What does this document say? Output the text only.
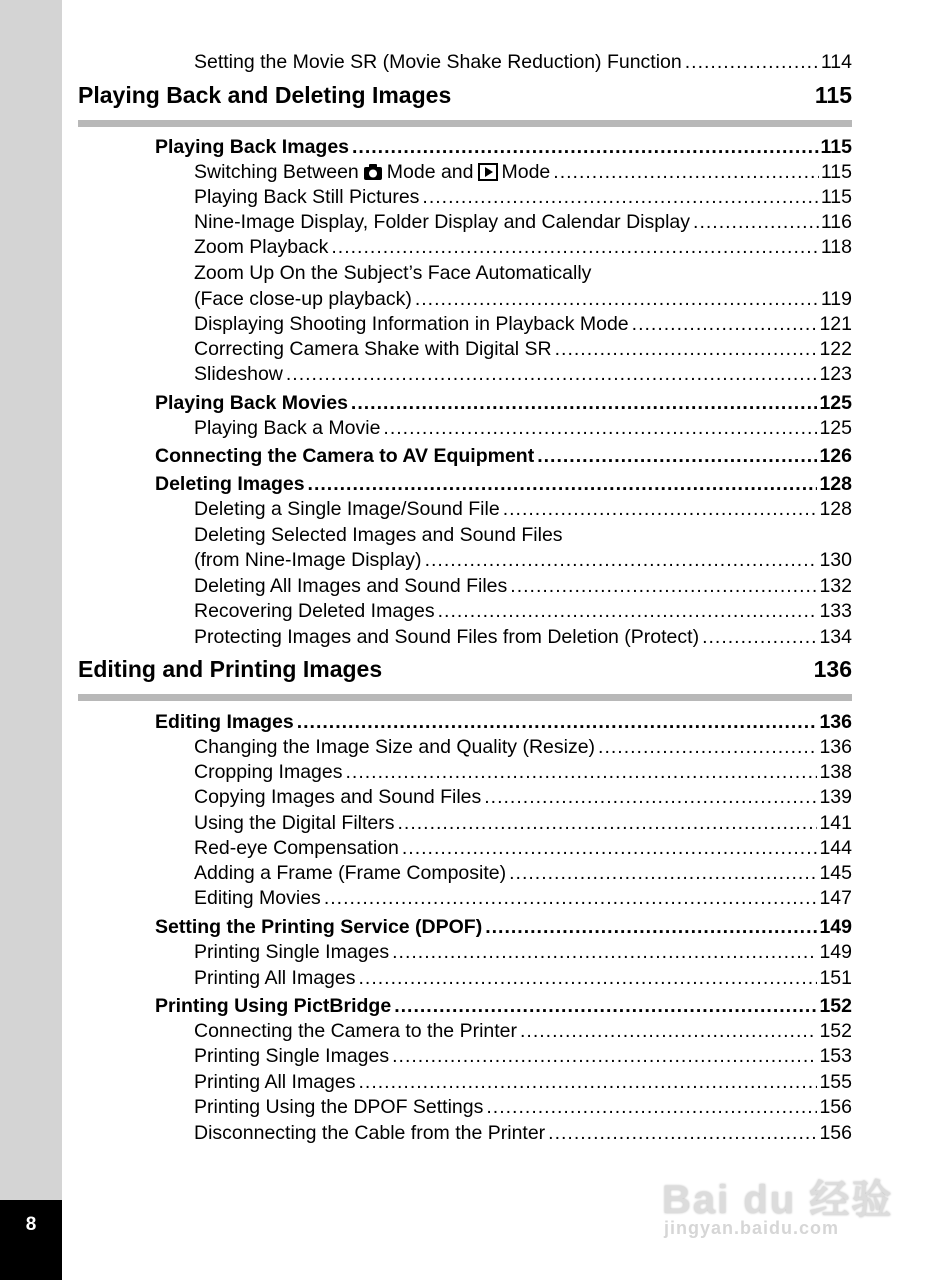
8
Setting the Movie SR (Movie Shake Reduction) Function .....	114
Playing Back and Deleting Images	115
Playing Back Images .....	115
Switching Between Mode and Mode .....	115
Playing Back Still Pictures .....	115
Nine-Image Display, Folder Display and Calendar Display .....	116
Zoom Playback .....	118
Zoom Up On the Subject’s Face Automatically
(Face close-up playback) .....	119
Displaying Shooting Information in Playback Mode .....	121
Correcting Camera Shake with Digital SR .....	122
Slideshow .....	123
Playing Back Movies .....	125
Playing Back a Movie .....	125
Connecting the Camera to AV Equipment .....	126
Deleting Images .....	128
Deleting a Single Image/Sound File .....	128
Deleting Selected Images and Sound Files
(from Nine-Image Display) .....	130
Deleting All Images and Sound Files .....	132
Recovering Deleted Images .....	133
Protecting Images and Sound Files from Deletion (Protect) .....	134
Editing and Printing Images	136
Editing Images .....	136
Changing the Image Size and Quality (Resize) .....	136
Cropping Images .....	138
Copying Images and Sound Files .....	139
Using the Digital Filters .....	141
Red-eye Compensation .....	144
Adding a Frame (Frame Composite) .....	145
Editing Movies .....	147
Setting the Printing Service (DPOF) .....	149
Printing Single Images .....	149
Printing All Images .....	151
Printing Using PictBridge .....	152
Connecting the Camera to the Printer .....	152
Printing Single Images .....	153
Printing All Images .....	155
Printing Using the DPOF Settings .....	156
Disconnecting the Cable from the Printer .....	156
Bai du 经验
jingyan.baidu.com
